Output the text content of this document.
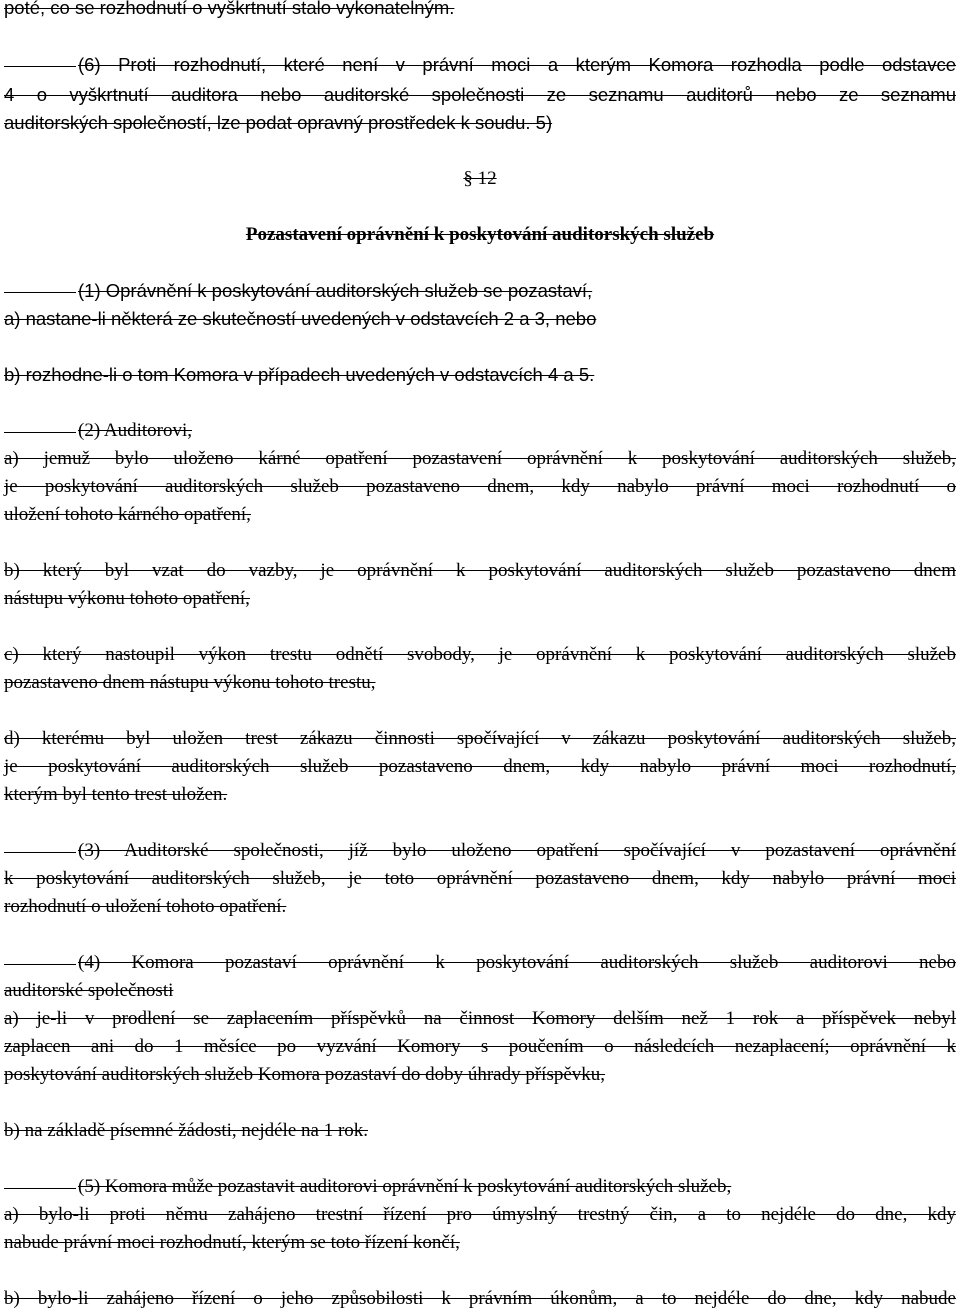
poté, co se rozhodnutí o vyškrtnutí stalo vykonatelným.
(6) Proti rozhodnutí, které není v právní moci a kterým Komora rozhodla podle odstavce
4 o vyškrtnutí auditora nebo auditorské společnosti ze seznamu auditorů nebo ze seznamu
auditorských společností, lze podat opravný prostředek k soudu. 5)
§ 12
Pozastavení oprávnění k poskytování auditorských služeb
(1) Oprávnění k poskytování auditorských služeb se pozastaví,
a) nastane-li některá ze skutečností uvedených v odstavcích 2 a 3, nebo
b) rozhodne-li o tom Komora v případech uvedených v odstavcích 4 a 5.
(2) Auditorovi,
a) jemuž bylo uloženo kárné opatření pozastavení oprávnění k poskytování auditorských služeb,
je poskytování auditorských služeb pozastaveno dnem, kdy nabylo právní moci rozhodnutí o
uložení tohoto kárného opatření,
b) který byl vzat do vazby, je oprávnění k poskytování auditorských služeb pozastaveno dnem
nástupu výkonu tohoto opatření,
c) který nastoupil výkon trestu odnětí svobody, je oprávnění k poskytování auditorských služeb
pozastaveno dnem nástupu výkonu tohoto trestu,
d) kterému byl uložen trest zákazu činnosti spočívající v zákazu poskytování auditorských služeb,
je poskytování auditorských služeb pozastaveno dnem, kdy nabylo právní moci rozhodnutí,
kterým byl tento trest uložen.
(3) Auditorské společnosti, jíž bylo uloženo opatření spočívající v pozastavení oprávnění
k poskytování auditorských služeb, je toto oprávnění pozastaveno dnem, kdy nabylo právní moci
rozhodnutí o uložení tohoto opatření.
(4) Komora pozastaví oprávnění k poskytování auditorských služeb auditorovi nebo
auditorské společnosti
a) je-li v prodlení se zaplacením příspěvků na činnost Komory delším než 1 rok a příspěvek nebyl
zaplacen ani do 1 měsíce po vyzvání Komory s poučením o následcích nezaplacení; oprávnění k
poskytování auditorských služeb Komora pozastaví do doby úhrady příspěvku,
b) na základě písemné žádosti, nejdéle na 1 rok.
(5) Komora může pozastavit auditorovi oprávnění k poskytování auditorských služeb,
a) bylo-li proti němu zahájeno trestní řízení pro úmyslný trestný čin, a to nejdéle do dne, kdy
nabude právní moci rozhodnutí, kterým se toto řízení končí,
b) bylo-li zahájeno řízení o jeho způsobilosti k právním úkonům, a to nejdéle do dne, kdy nabude
